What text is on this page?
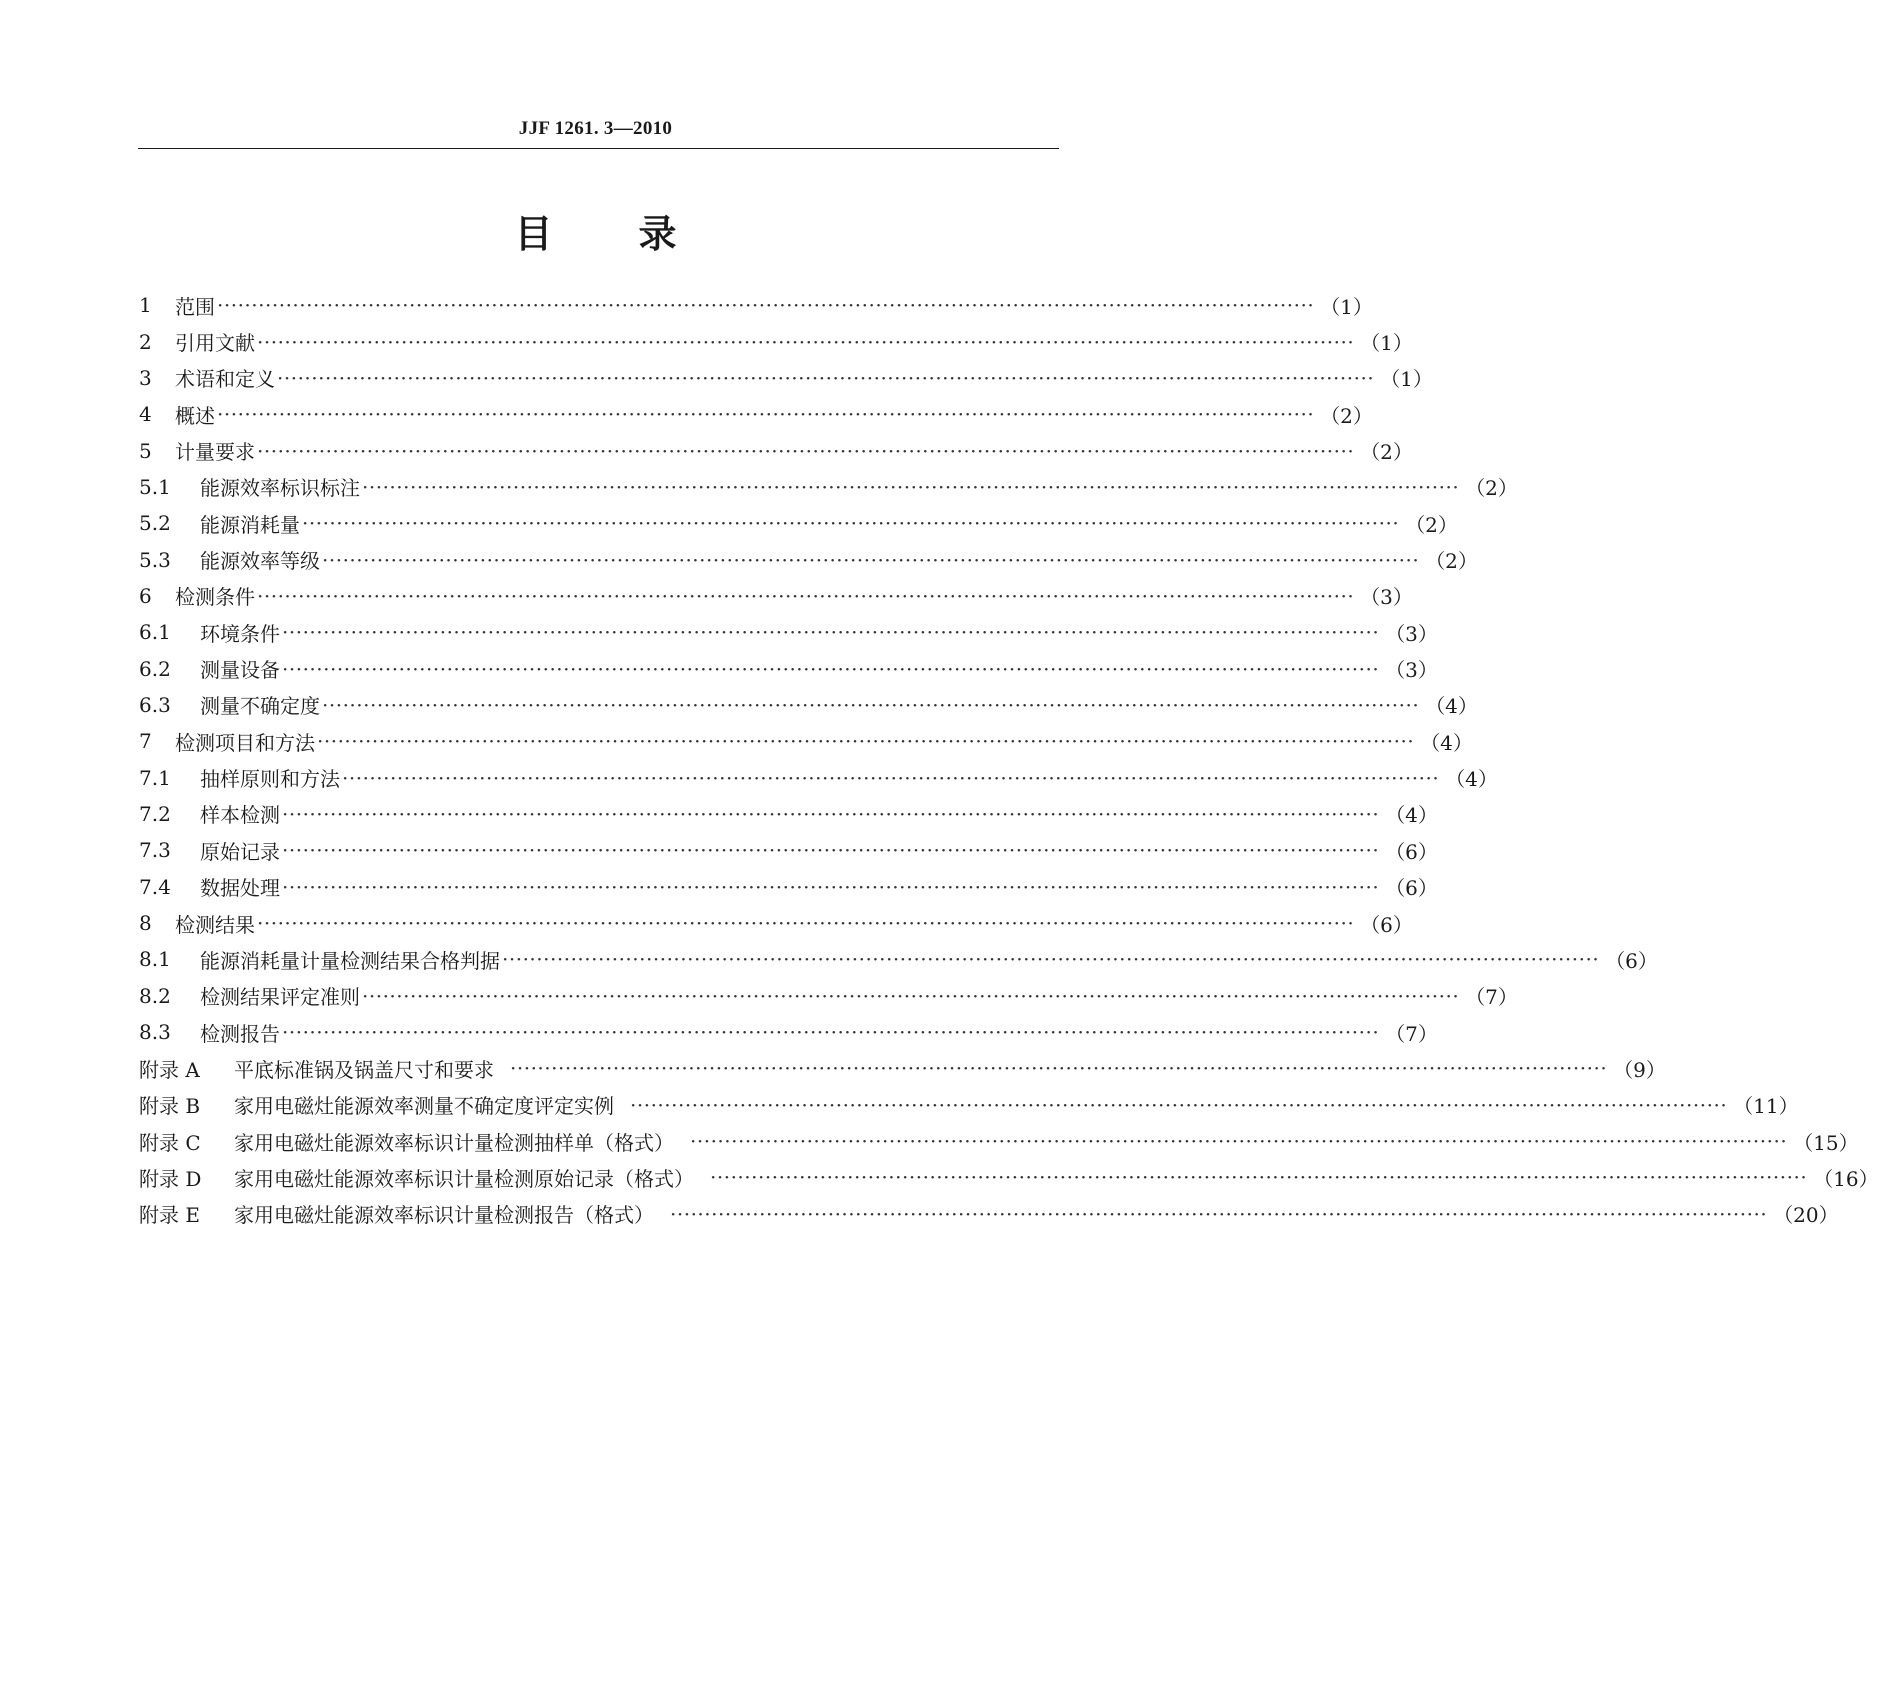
JJF 1261. 3—2010
目 录
1	范围 ································································································································································ （1）
2	引用文献 ································································································································································ （1）
3	术语和定义 ································································································································································ （1）
4	概述 ································································································································································ （2）
5	计量要求 ································································································································································ （2）
5.1	能源效率标识标注 ································································································································································ （2）
5.2	能源消耗量 ································································································································································ （2）
5.3	能源效率等级 ································································································································································ （2）
6	检测条件 ································································································································································ （3）
6.1	环境条件 ································································································································································ （3）
6.2	测量设备 ································································································································································ （3）
6.3	测量不确定度 ································································································································································ （4）
7	检测项目和方法 ································································································································································ （4）
7.1	抽样原则和方法 ································································································································································ （4）
7.2	样本检测 ································································································································································ （4）
7.3	原始记录 ································································································································································ （6）
7.4	数据处理 ································································································································································ （6）
8	检测结果 ································································································································································ （6）
8.1	能源消耗量计量检测结果合格判据 ································································································································································ （6）
8.2	检测结果评定准则 ································································································································································ （7）
8.3	检测报告 ································································································································································ （7）
附录 A	平底标准锅及锅盖尺寸和要求 ································································································································································ （9）
附录 B	家用电磁灶能源效率测量不确定度评定实例 ································································································································································ （11）
附录 C	家用电磁灶能源效率标识计量检测抽样单（格式） ································································································································································ （15）
附录 D	家用电磁灶能源效率标识计量检测原始记录（格式） ································································································································································ （16）
附录 E	家用电磁灶能源效率标识计量检测报告（格式） ································································································································································ （20）
